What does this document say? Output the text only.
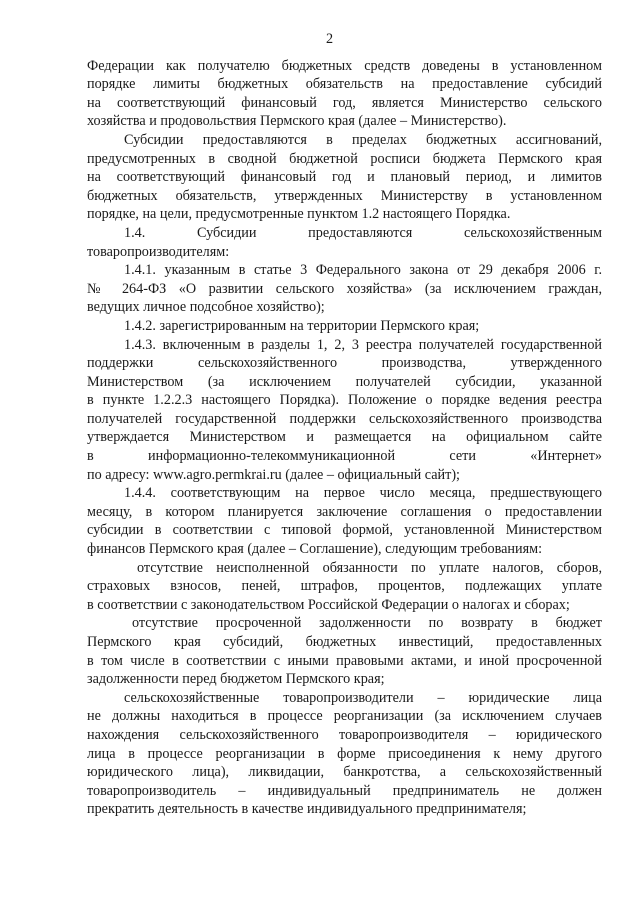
2
Федерации как получателю бюджетных средств доведены в установленном
порядке лимиты бюджетных обязательств на предоставление субсидий
на соответствующий финансовый год, является Министерство сельского
хозяйства и продовольствия Пермского края (далее – Министерство).
Субсидии предоставляются в пределах бюджетных ассигнований,
предусмотренных в сводной бюджетной росписи бюджета Пермского края
на соответствующий финансовый год и плановый период, и лимитов
бюджетных обязательств, утвержденных Министерству в установленном
порядке, на цели, предусмотренные пунктом 1.2 настоящего Порядка.
1.4. Субсидии предоставляются сельскохозяйственным
товаропроизводителям:
1.4.1. указанным в статье 3 Федерального закона от 29 декабря 2006 г.
№ 264-ФЗ «О развитии сельского хозяйства» (за исключением граждан,
ведущих личное подсобное хозяйство);
1.4.2. зарегистрированным на территории Пермского края;
1.4.3. включенным в разделы 1, 2, 3 реестра получателей государственной
поддержки сельскохозяйственного производства, утвержденного
Министерством (за исключением получателей субсидии, указанной
в пункте 1.2.2.3 настоящего Порядка). Положение о порядке ведения реестра
получателей государственной поддержки сельскохозяйственного производства
утверждается Министерством и размещается на официальном сайте
в информационно-телекоммуникационной сети «Интернет»
по адресу: www.agro.permkrai.ru (далее – официальный сайт);
1.4.4. соответствующим на первое число месяца, предшествующего
месяцу, в котором планируется заключение соглашения о предоставлении
субсидии в соответствии с типовой формой, установленной Министерством
финансов Пермского края (далее – Соглашение), следующим требованиям:
отсутствие неисполненной обязанности по уплате налогов, сборов,
страховых взносов, пеней, штрафов, процентов, подлежащих уплате
в соответствии с законодательством Российской Федерации о налогах и сборах;
отсутствие просроченной задолженности по возврату в бюджет
Пермского края субсидий, бюджетных инвестиций, предоставленных
в том числе в соответствии с иными правовыми актами, и иной просроченной
задолженности перед бюджетом Пермского края;
сельскохозяйственные товаропроизводители – юридические лица
не должны находиться в процессе реорганизации (за исключением случаев
нахождения сельскохозяйственного товаропроизводителя – юридического
лица в процессе реорганизации в форме присоединения к нему другого
юридического лица), ликвидации, банкротства, а сельскохозяйственный
товаропроизводитель – индивидуальный предприниматель не должен
прекратить деятельность в качестве индивидуального предпринимателя;
